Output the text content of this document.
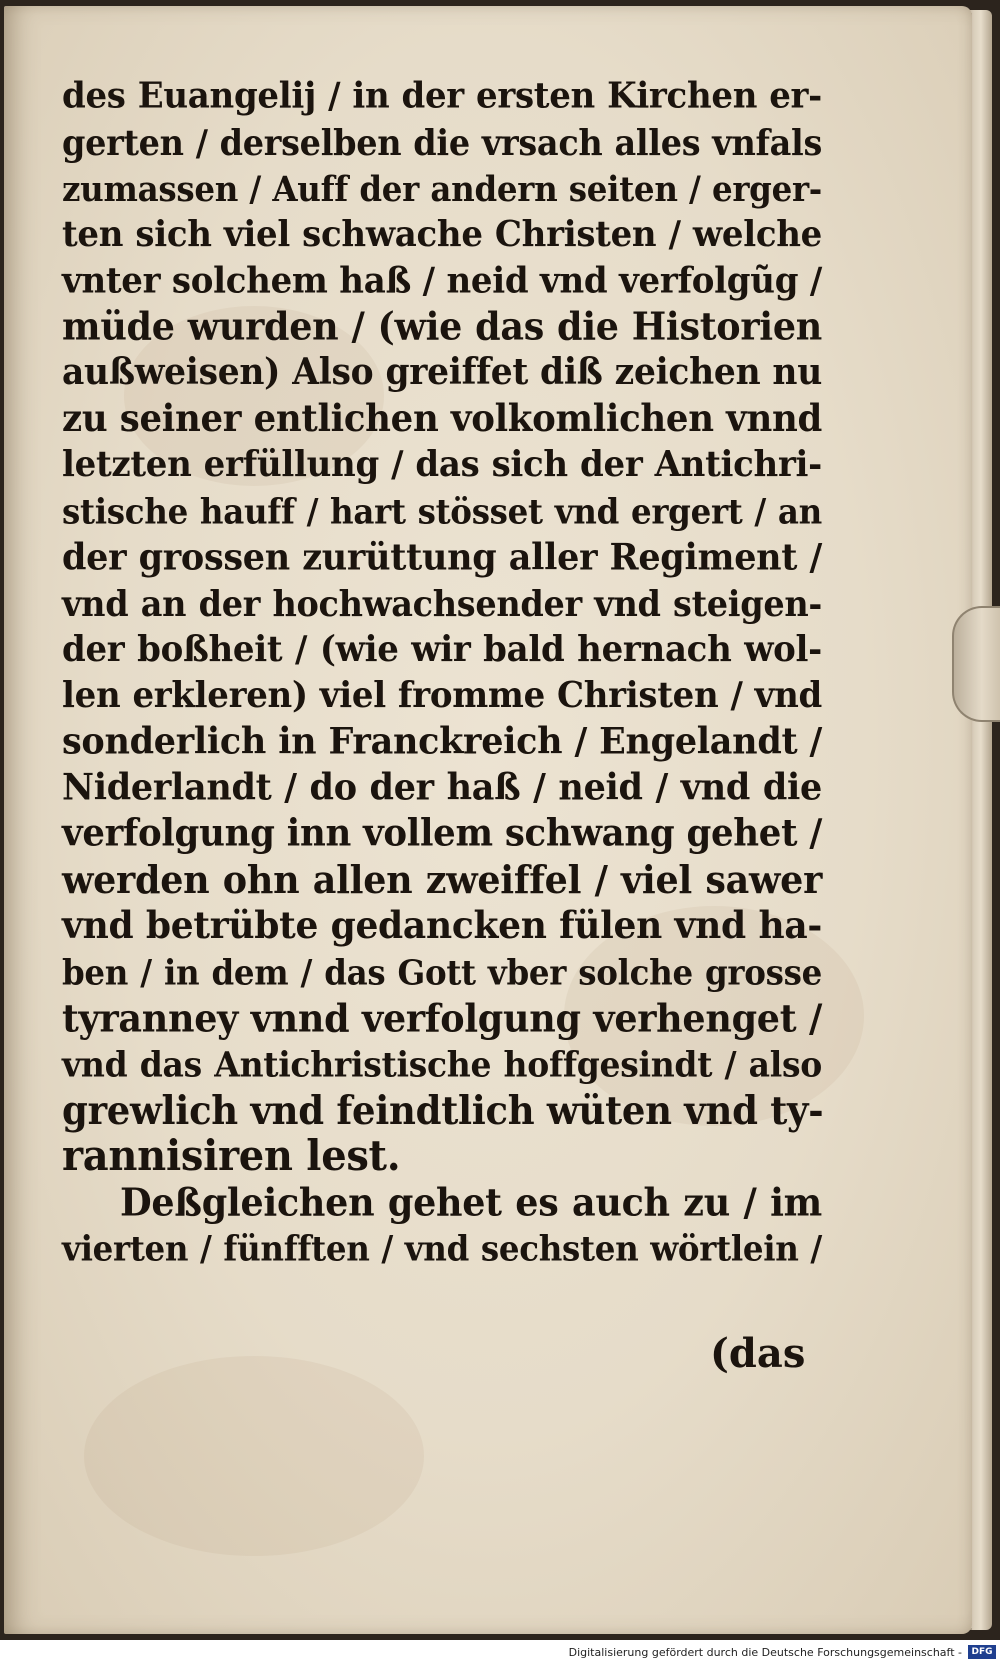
des Euangelij / in der ersten Kirchen er-
gerten / derselben die vrsach alles vnfals
zumassen / Auff der andern seiten / erger-
ten sich viel schwache Christen / welche
vnter solchem haß / neid vnd verfolgũg /
müde wurden / (wie das die Historien
außweisen) Also greiffet diß zeichen nu
zu seiner entlichen volkomlichen vnnd
letzten erfüllung / das sich der Antichri-
stische hauff / hart stösset vnd ergert / an
der grossen zurüttung aller Regiment /
vnd an der hochwachsender vnd steigen-
der boßheit / (wie wir bald hernach wol-
len erkleren) viel fromme Christen / vnd
sonderlich in Franckreich / Engelandt /
Niderlandt / do der haß / neid / vnd die
verfolgung inn vollem schwang gehet /
werden ohn allen zweiffel / viel sawer
vnd betrübte gedancken fülen vnd ha-
ben / in dem / das Gott vber solche grosse
tyranney vnnd verfolgung verhenget /
vnd das Antichristische hoffgesindt / also
grewlich vnd feindtlich wüten vnd ty-
rannisiren lest.
Deßgleichen gehet es auch zu / im
vierten / fünfften / vnd sechsten wörtlein /
(das
Digitalisierung gefördert durch die Deutsche Forschungsgemeinschaft -	DFG
